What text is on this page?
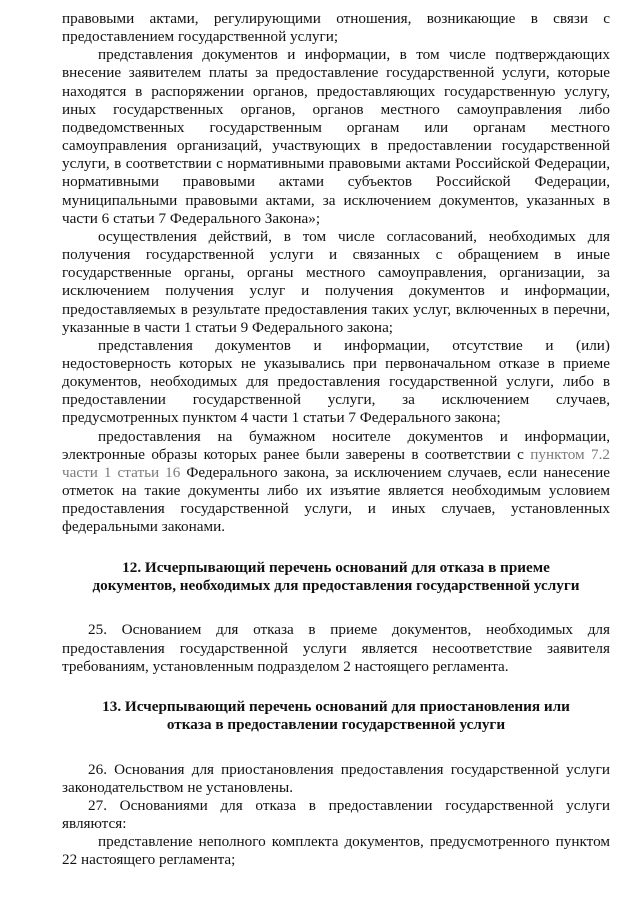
правовыми актами, регулирующими отношения, возникающие в связи с предоставлением государственной услуги;

представления документов и информации, в том числе подтверждающих внесение заявителем платы за предоставление государственной услуги, которые находятся в распоряжении органов, предоставляющих государственную услугу, иных государственных органов, органов местного самоуправления либо подведомственных государственным органам или органам местного самоуправления организаций, участвующих в предоставлении государственной услуги, в соответствии с нормативными правовыми актами Российской Федерации, нормативными правовыми актами субъектов Российской Федерации, муниципальными правовыми актами, за исключением документов, указанных в части 6 статьи 7 Федерального Закона»;

осуществления действий, в том числе согласований, необходимых для получения государственной услуги и связанных с обращением в иные государственные органы, органы местного самоуправления, организации, за исключением получения услуг и получения документов и информации, предоставляемых в результате предоставления таких услуг, включенных в перечни, указанные в части 1 статьи 9 Федерального закона;

представления документов и информации, отсутствие и (или) недостоверность которых не указывались при первоначальном отказе в приеме документов, необходимых для предоставления государственной услуги, либо в предоставлении государственной услуги, за исключением случаев, предусмотренных пунктом 4 части 1 статьи 7 Федерального закона;

предоставления на бумажном носителе документов и информации, электронные образы которых ранее были заверены в соответствии с пунктом 7.2 части 1 статьи 16 Федерального закона, за исключением случаев, если нанесение отметок на такие документы либо их изъятие является необходимым условием предоставления государственной услуги, и иных случаев, установленных федеральными законами.

12. Исчерпывающий перечень оснований для отказа в приеме
документов, необходимых для предоставления государственной услуги

25. Основанием для отказа в приеме документов, необходимых для предоставления государственной услуги является несоответствие заявителя требованиям, установленным подразделом 2 настоящего регламента.

13. Исчерпывающий перечень оснований для приостановления или
отказа в предоставлении государственной услуги

26. Основания для приостановления предоставления государственной услуги законодательством не установлены.

27. Основаниями для отказа в предоставлении государственной услуги являются:

представление неполного комплекта документов, предусмотренного пунктом 22 настоящего регламента;
